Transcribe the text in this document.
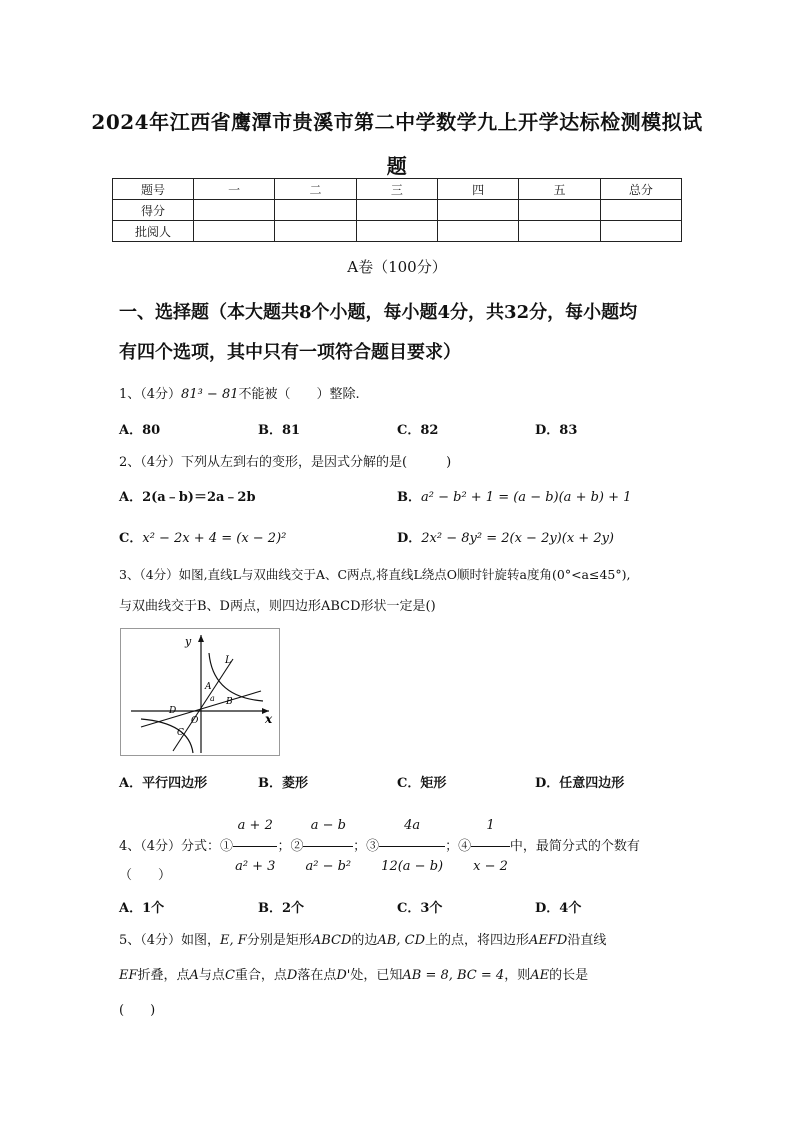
2024年江西省鹰潭市贵溪市第二中学数学九上开学达标检测模拟试
题
题号	一	二	三	四	五	总分
得分						
批阅人						
A卷（100分）
一、选择题（本大题共8个小题，每小题4分，共32分，每小题均
有四个选项，其中只有一项符合题目要求）
1、（4分）81³ − 81不能被（　　）整除.
A．80	B．81	C．82	D．83
2、（4分）下列从左到右的变形，是因式分解的是(　　　)
A．2(a﹣b)＝2a﹣2b	B．a² − b² + 1 = (a − b)(a + b) + 1
C．x² − 2x + 4 = (x − 2)²	D．2x² − 8y² = 2(x − 2y)(x + 2y)
3、（4分）如图,直线L与双曲线交于A、C两点,将直线L绕点O顺时针旋转a度角(0°<a≤45°),
与双曲线交于B、D两点，则四边形ABCD形状一定是()
y
x
L
A
B
C
D
O
a
A．平行四边形	B．菱形	C．矩形	D．任意四边形
4、（4分）分式：① $\frac{a + 2}{\text{a² + 3}}$ ；② $\frac{a - b}{\text{a² − b²}}$ ；③ $\frac{4a}{12(a - b)}$ ；④ $\frac{1}{x - 2}$ 中，最简分式的个数有
（　　）
A．1个	B．2个	C．3个	D．4个
5、（4分）如图，E, F分别是矩形ABCD的边AB, CD上的点，将四边形AEFD沿直线
EF折叠，点A与点C重合，点D落在点D'处，已知AB = 8, BC = 4，则AE的长是
(　　)
